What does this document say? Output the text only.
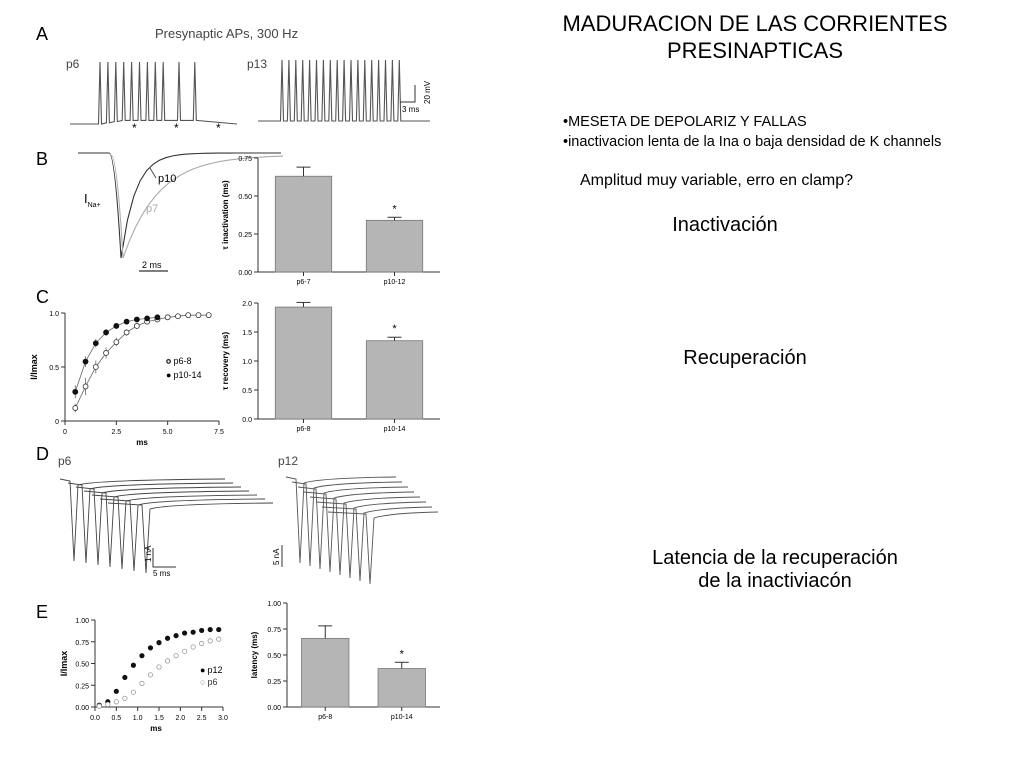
A
B
C
D
E
Presynaptic APs, 300 Hz
p6	p13
* * *
20 mV
3 ms
p10
p7
$I_{Na+}$
2 ms
0.00
0.25
0.50
0.75
p6-7	p10-12
*
τ inactivation (ms)
0.0
0.5
1.0
1.5
2.0
p6-8	p10-14
*
τ recovery (ms)
0.00
0.25
0.50
0.75
1.00
p6-8	p10-14
*
latency (ms)
0	2.5	5.0	7.5
0
0.5
1.0
ms
I/Imax	○ p6-8
● p10-14
0.0 0.5 1.0 1.5 2.0 2.5 3.0
0.00
0.25
0.50
0.75
1.00
ms
I/Imax	● p12
○ p6
p6	p12
1 nA
5 ms
5 nA
MADURACION DE LAS CORRIENTES
PRESINAPTICAS
•MESETA DE DEPOLARIZ Y FALLAS
•inactivacion lenta de la Ina o baja densidad de K channels
Amplitud muy variable, erro en clamp?
Inactivación
Recuperación
Latencia de la recuperación
de la inactiviacón
